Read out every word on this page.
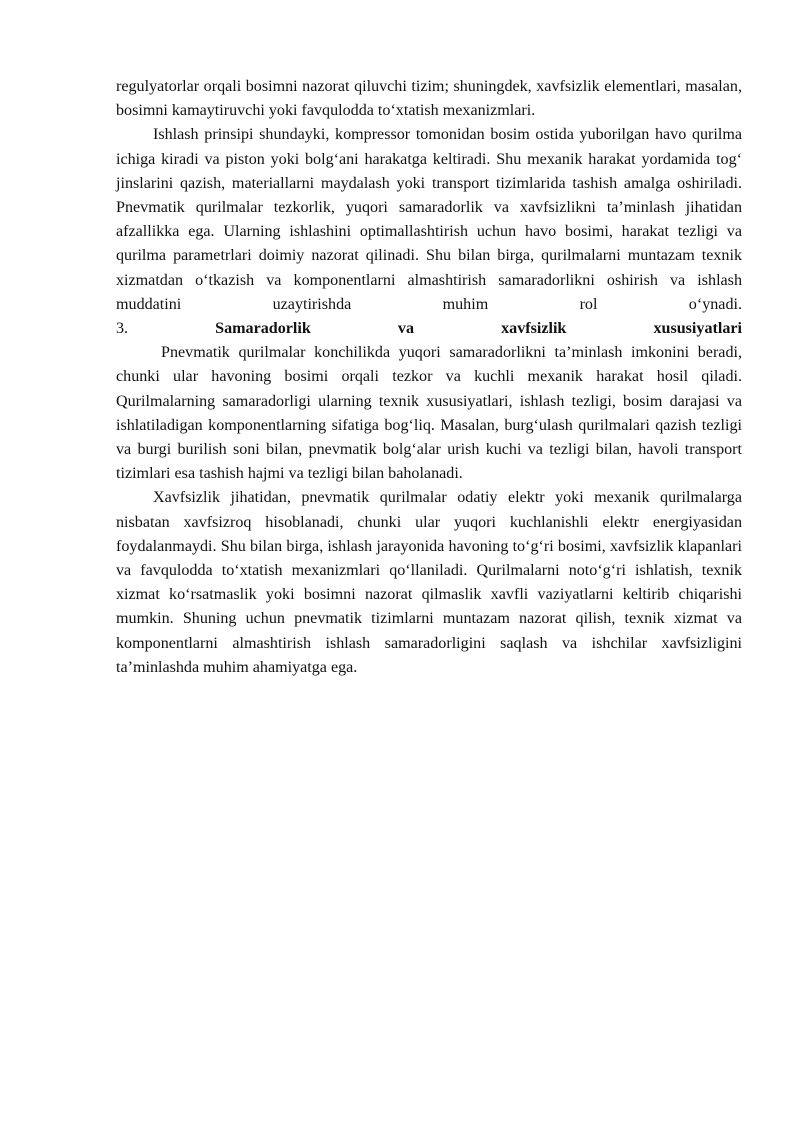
regulyatorlar orqali bosimni nazorat qiluvchi tizim; shuningdek, xavfsizlik elementlari, masalan, bosimni kamaytiruvchi yoki favqulodda to‘xtatish mexanizmlari.

Ishlash prinsipi shundayki, kompressor tomonidan bosim ostida yuborilgan havo qurilma ichiga kiradi va piston yoki bolg‘ani harakatga keltiradi. Shu mexanik harakat yordamida tog‘ jinslarini qazish, materiallarni maydalash yoki transport tizimlarida tashish amalga oshiriladi. Pnevmatik qurilmalar tezkorlik, yuqori samaradorlik va xavfsizlikni ta’minlash jihatidan afzallikka ega. Ularning ishlashini optimallashtirish uchun havo bosimi, harakat tezligi va qurilma parametrlari doimiy nazorat qilinadi. Shu bilan birga, qurilmalarni muntazam texnik xizmatdan o‘tkazish va komponentlarni almashtirish samaradorlikni oshirish va ishlash muddatini uzaytirishda muhim rol o‘ynadi.

3.	Samaradorlik	va	xavfsizlik	xususiyatlari

Pnevmatik qurilmalar konchilikda yuqori samaradorlikni ta’minlash imkonini beradi, chunki ular havoning bosimi orqali tezkor va kuchli mexanik harakat hosil qiladi. Qurilmalarning samaradorligi ularning texnik xususiyatlari, ishlash tezligi, bosim darajasi va ishlatiladigan komponentlarning sifatiga bog‘liq. Masalan, burg‘ulash qurilmalari qazish tezligi va burgi burilish soni bilan, pnevmatik bolg‘alar urish kuchi va tezligi bilan, havoli transport tizimlari esa tashish hajmi va tezligi bilan baholanadi.

Xavfsizlik jihatidan, pnevmatik qurilmalar odatiy elektr yoki mexanik qurilmalarga nisbatan xavfsizroq hisoblanadi, chunki ular yuqori kuchlanishli elektr energiyasidan foydalanmaydi. Shu bilan birga, ishlash jarayonida havoning to‘g‘ri bosimi, xavfsizlik klapanlari va favqulodda to‘xtatish mexanizmlari qo‘llaniladi. Qurilmalarni noto‘g‘ri ishlatish, texnik xizmat ko‘rsatmaslik yoki bosimni nazorat qilmaslik xavfli vaziyatlarni keltirib chiqarishi mumkin. Shuning uchun pnevmatik tizimlarni muntazam nazorat qilish, texnik xizmat va komponentlarni almashtirish ishlash samaradorligini saqlash va ishchilar xavfsizligini ta’minlashda muhim ahamiyatga ega.
